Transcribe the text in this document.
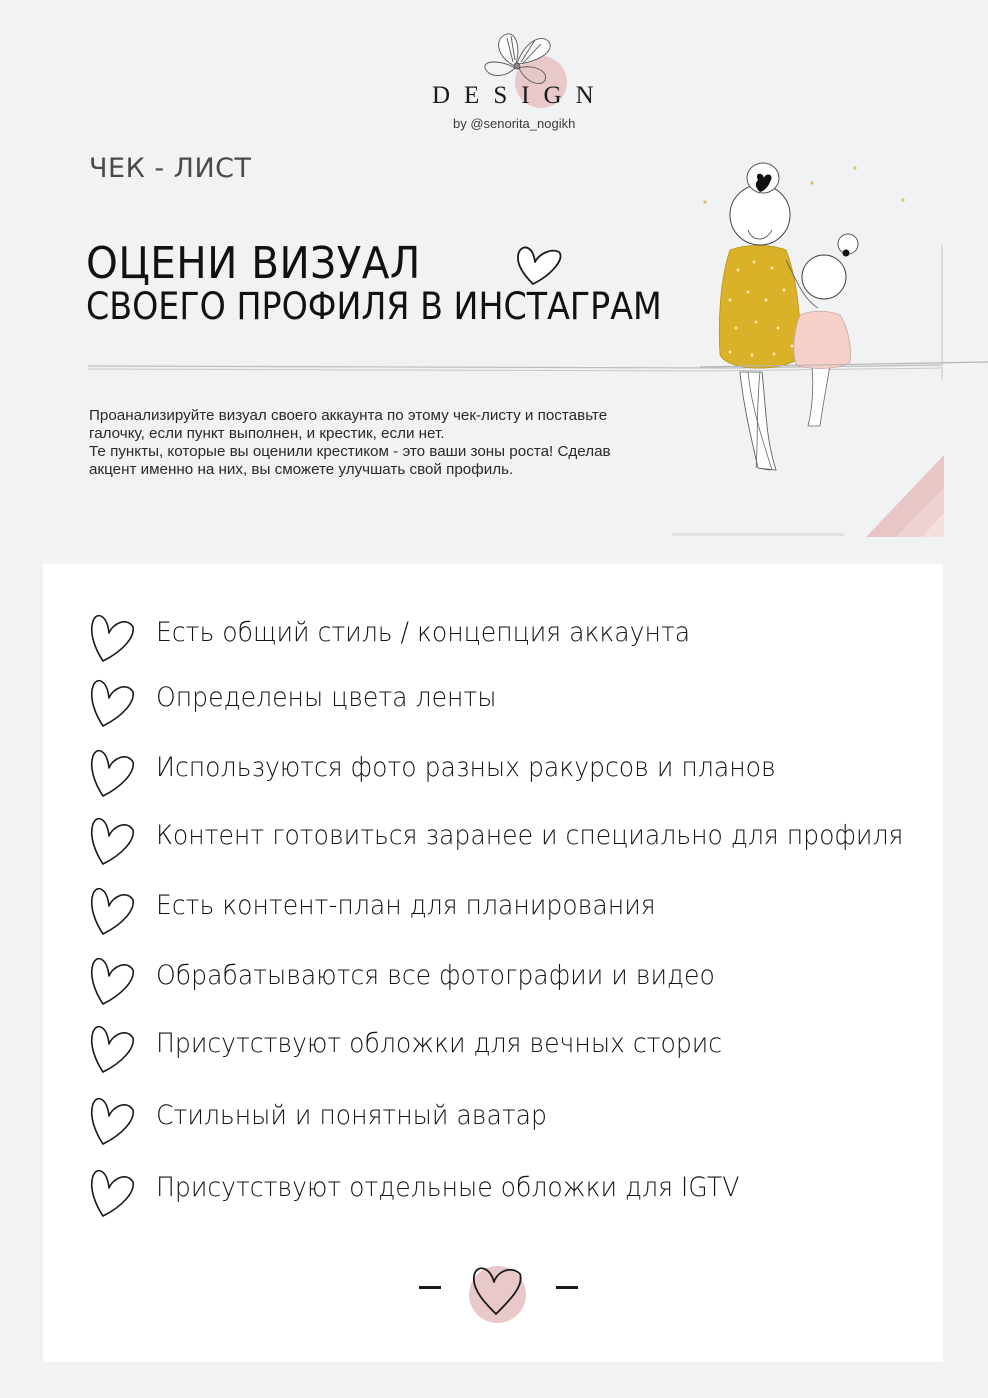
DESIGN
by @senorita_nogikh
ЧЕК - ЛИСТ
ОЦЕНИ ВИЗУАЛ
СВОЕГО ПРОФИЛЯ В ИНСТАГРАМ

Проанализируйте визуал своего аккаунта по этому чек-листу и поставьте

галочку, если пункт выполнен, и крестик, если нет.

Те пункты, которые вы оценили крестиком - это ваши зоны роста! Сделав

акцент именно на них, вы сможете улучшать свой профиль.

Есть общий стиль / концепция аккаунта
Определены цвета ленты
Используются фото разных ракурсов и планов
Контент готовиться заранее и специально для профиля
Есть контент-план для планирования
Обрабатываются все фотографии и видео
Присутствуют обложки для вечных сторис
Стильный и понятный аватар
Присутствуют отдельные обложки для IGTV
